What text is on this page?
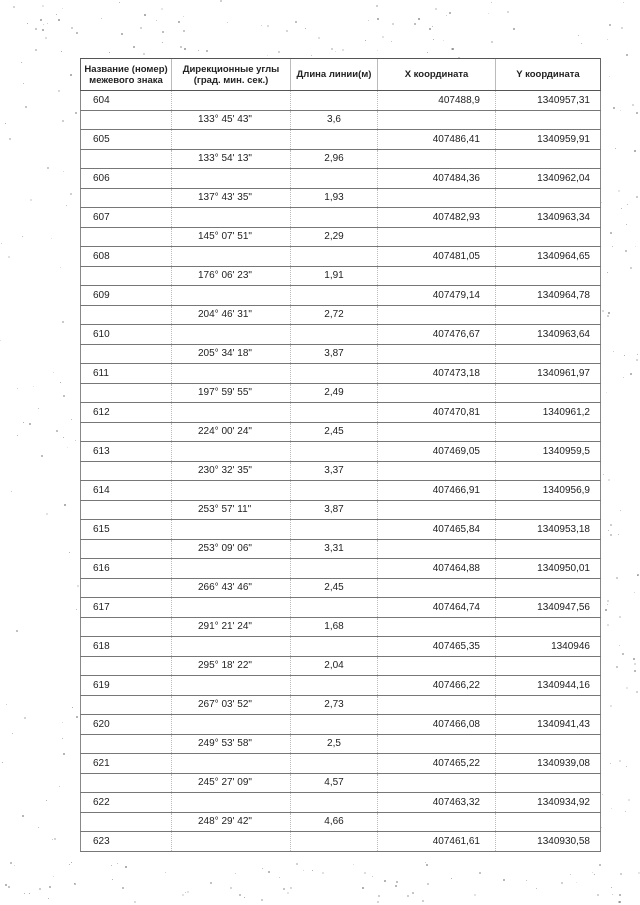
Название (номер) межевого знака	Дирекционные углы (град. мин. сек.)	Длина линии(м)	X координата	Y координата
604			407488,9	1340957,31
	133° 45' 43"	3,6		
605			407486,41	1340959,91
	133° 54' 13"	2,96		
606			407484,36	1340962,04
	137° 43' 35"	1,93		
607			407482,93	1340963,34
	145° 07' 51"	2,29		
608			407481,05	1340964,65
	176° 06' 23"	1,91		
609			407479,14	1340964,78
	204° 46' 31"	2,72		
610			407476,67	1340963,64
	205° 34' 18"	3,87		
611			407473,18	1340961,97
	197° 59' 55"	2,49		
612			407470,81	1340961,2
	224° 00' 24"	2,45		
613			407469,05	1340959,5
	230° 32' 35"	3,37		
614			407466,91	1340956,9
	253° 57' 11"	3,87		
615			407465,84	1340953,18
	253° 09' 06"	3,31		
616			407464,88	1340950,01
	266° 43' 46"	2,45		
617			407464,74	1340947,56
	291° 21' 24"	1,68		
618			407465,35	1340946
	295° 18' 22"	2,04		
619			407466,22	1340944,16
	267° 03' 52"	2,73		
620			407466,08	1340941,43
	249° 53' 58"	2,5		
621			407465,22	1340939,08
	245° 27' 09"	4,57		
622			407463,32	1340934,92
	248° 29' 42"	4,66		
623			407461,61	1340930,58
